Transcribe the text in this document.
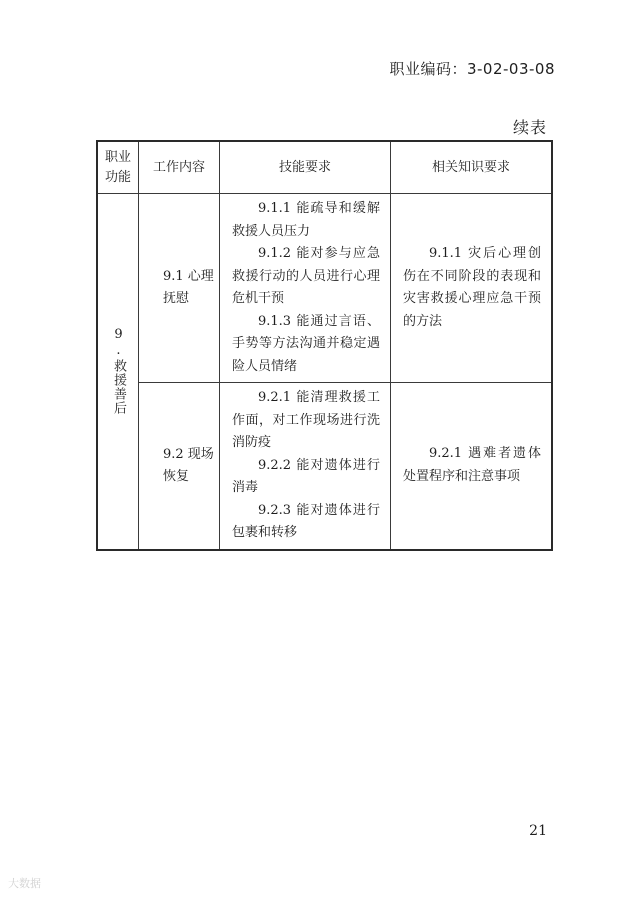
职业编码：3-02-03-08
续表
职业功能	工作内容	技能要求	相关知识要求

9.救援善后	9.1 心理抚慰	9.1.1 能疏导和缓解救援人员压力

9.1.2 能对参与应急救援行动的人员进行心理危机干预

9.1.3 能通过言语、手势等方法沟通并稳定遇险人员情绪	9.1.1 灾后心理创伤在不同阶段的表现和灾害救援心理应急干预的方法

	9.2 现场恢复	9.2.1 能清理救援工作面，对工作现场进行洗消防疫

9.2.2 能对遗体进行消毒

9.2.3 能对遗体进行包裹和转移	9.2.1 遇难者遗体处置程序和注意事项

21
大数据
